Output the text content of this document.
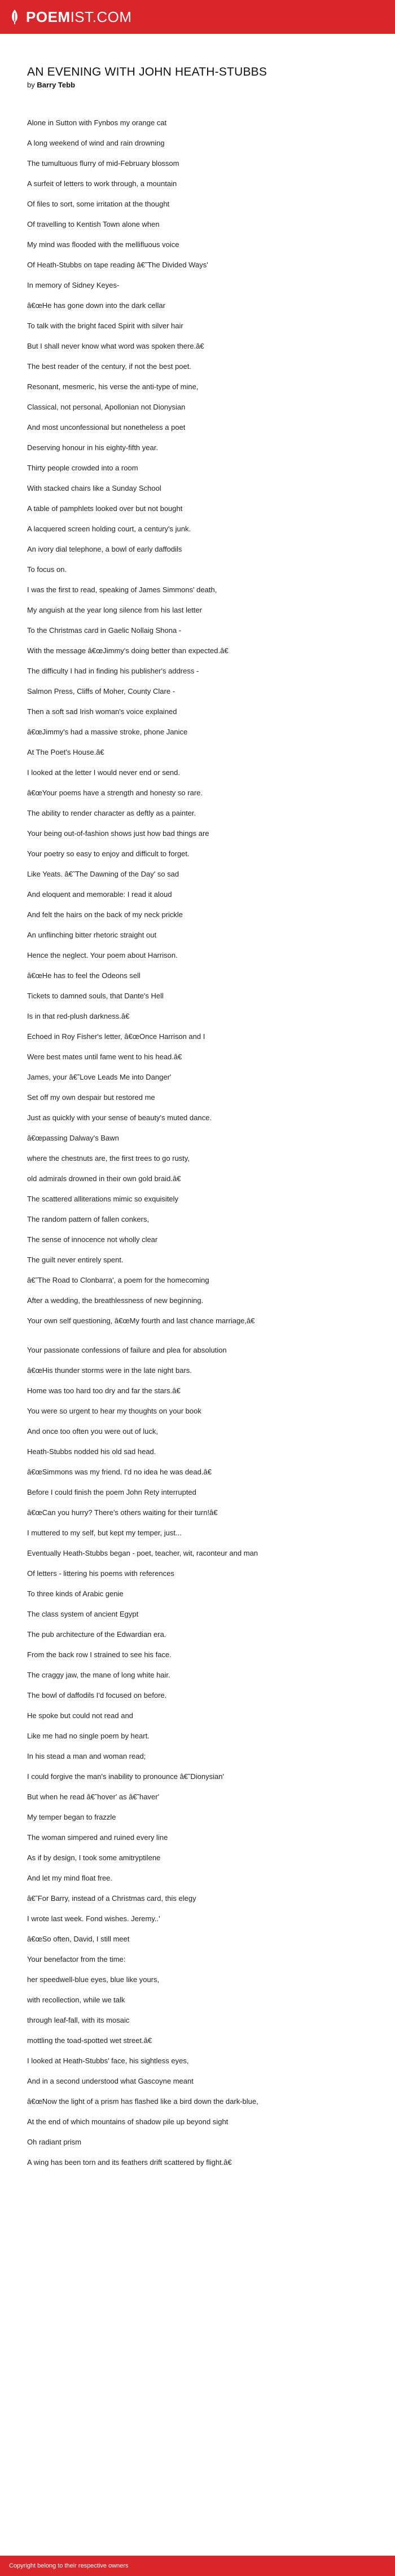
POEMIST.COM
AN EVENING WITH JOHN HEATH-STUBBS
by Barry Tebb
Alone in Sutton with Fynbos my orange cat
A long weekend of wind and rain drowning
The tumultuous flurry of mid-February blossom
A surfeit of letters to work through, a mountain
Of files to sort, some irritation at the thought
Of travelling to Kentish Town alone when
My mind was flooded with the mellifluous voice
Of Heath-Stubbs on tape reading â€˜The Divided Ways'
In memory of Sidney Keyes-
â€œHe has gone down into the dark cellar
To talk with the bright faced Spirit with silver hair
But I shall never know what word was spoken there.â€
The best reader of the century, if not the best poet.
Resonant, mesmeric, his verse the anti-type of mine,
Classical, not personal, Apollonian not Dionysian
And most unconfessional but nonetheless a poet
Deserving honour in his eighty-fifth year.
Thirty people crowded into a room
With stacked chairs like a Sunday School
A table of pamphlets looked over but not bought
A lacquered screen holding court, a century's junk.
An ivory dial telephone, a bowl of early daffodils
To focus on.
I was the first to read, speaking of James Simmons' death,
My anguish at the year long silence from his last letter
To the Christmas card in Gaelic Nollaig Shona -
With the message â€œJimmy's doing better than expected.â€
The difficulty I had in finding his publisher's address -
Salmon Press, Cliffs of Moher, County Clare -
Then a soft sad Irish woman's voice explained
â€œJimmy's had a massive stroke, phone Janice
At The Poet's House.â€
I looked at the letter I would never end or send.
â€œYour poems have a strength and honesty so rare.
The ability to render character as deftly as a painter.
Your being out-of-fashion shows just how bad things are
Your poetry so easy to enjoy and difficult to forget.
Like Yeats. â€˜The Dawning of the Day' so sad
And eloquent and memorable: I read it aloud
And felt the hairs on the back of my neck prickle
An unflinching bitter rhetoric straight out
Hence the neglect. Your poem about Harrison.
â€œHe has to feel the Odeons sell
Tickets to damned souls, that Dante's Hell
Is in that red-plush darkness.â€
Echoed in Roy Fisher's letter, â€œOnce Harrison and I
Were best mates until fame went to his head.â€
James, your â€˜Love Leads Me into Danger'
Set off my own despair but restored me
Just as quickly with your sense of beauty's muted dance.
â€œpassing Dalway's Bawn
where the chestnuts are, the first trees to go rusty,
old admirals drowned in their own gold braid.â€
The scattered alliterations mimic so exquisitely
The random pattern of fallen conkers,
The sense of innocence not wholly clear
The guilt never entirely spent.
â€˜The Road to Clonbarra', a poem for the homecoming
After a wedding, the breathlessness of new beginning.
Your own self questioning, â€œMy fourth and last chance marriage,â€
Your passionate confessions of failure and plea for absolution
â€œHis thunder storms were in the late night bars.
Home was too hard too dry and far the stars.â€
You were so urgent to hear my thoughts on your book
And once too often you were out of luck,
Heath-Stubbs nodded his old sad head.
â€œSimmons was my friend. I'd no idea he was dead.â€
Before I could finish the poem John Rety interrupted
â€œCan you hurry? There's others waiting for their turn!â€
I muttered to my self, but kept my temper, just...
Eventually Heath-Stubbs began - poet, teacher, wit, raconteur and man
Of letters - littering his poems with references
To three kinds of Arabic genie
The class system of ancient Egypt
The pub architecture of the Edwardian era.
From the back row I strained to see his face.
The craggy jaw, the mane of long white hair.
The bowl of daffodils I'd focused on before.
He spoke but could not read and
Like me had no single poem by heart.
In his stead a man and woman read;
I could forgive the man's inability to pronounce â€˜Dionysian'
But when he read â€˜hover' as â€˜haver'
My temper began to frazzle
The woman simpered and ruined every line
As if by design, I took some amitryptilene
And let my mind float free.
â€˜For Barry, instead of a Christmas card, this elegy
I wrote last week. Fond wishes. Jeremy..'
â€œSo often, David, I still meet
Your benefactor from the time:
her speedwell-blue eyes, blue like yours,
with recollection, while we talk
through leaf-fall, with its mosaic
mottling the toad-spotted wet street.â€
I looked at Heath-Stubbs' face, his sightless eyes,
And in a second understood what Gascoyne meant
â€œNow the light of a prism has flashed like a bird down the dark-blue,
At the end of which mountains of shadow pile up beyond sight
Oh radiant prism
A wing has been torn and its feathers drift scattered by flight.â€
Copyright belong to their respective owners
